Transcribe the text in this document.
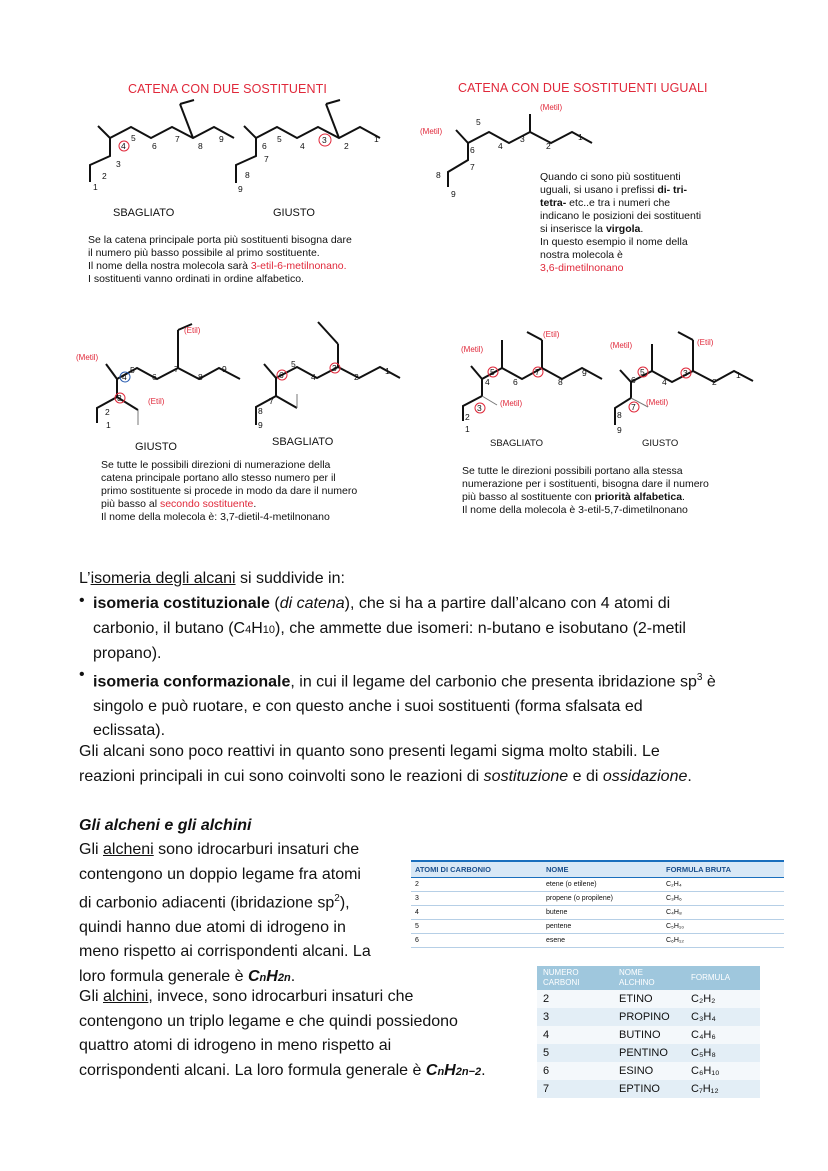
4
5
6
7
8
9
2
3
1
6
5
4
3
2
1
7
8
9
6
5
4
3
2
1
7
8
9
(Metil)
(Metil)
5
4	6
7
8
9
3
2
1
(Metil)
(Etil)
(Etil)
6
5
4
3
2
1
7
8
9
5
4	6
7
8
9
3
2
1
(Metil)
(Etil)
(Metil)
6
5
4
3
2
1
7
8
9
(Metil)	(Etil)
(Metil)
CATENA CON DUE SOSTITUENTI
SBAGLIATO	GIUSTO
Se la catena principale porta più sostituenti bisogna dare
il numero più basso possibile al primo sostituente.
Il nome della nostra molecola sarà 3-etil-6-metilnonano.
I sostituenti vanno ordinati in ordine alfabetico.
CATENA CON DUE SOSTITUENTI UGUALI
Quando ci sono più sostituenti
uguali, si usano i prefissi di- tri-
tetra- etc..e tra i numeri che
indicano le posizioni dei sostituenti
si inserisce la virgola.
In questo esempio il nome della
nostra molecola è
3,6-dimetilnonano
GIUSTO	SBAGLIATO
Se tutte le possibili direzioni di numerazione della
catena principale portano allo stesso numero per il
primo sostituente si procede in modo da dare il numero
più basso al secondo sostituente.
Il nome della molecola è: 3,7-dietil-4-metilnonano
SBAGLIATO	GIUSTO
Se tutte le direzioni possibili portano alla stessa
numerazione per i sostituenti, bisogna dare il numero
più basso al sostituente con priorità alfabetica.
Il nome della molecola è 3-etil-5,7-dimetilnonano
L’isomeria degli alcani si suddivide in:
• isomeria costituzionale (di catena), che si ha a partire dall’alcano con 4 atomi di
carbonio, il butano (C4H10), che ammette due isomeri: n-butano e isobutano (2-metil
propano).
• isomeria conformazionale, in cui il legame del carbonio che presenta ibridazione $sp^3$ è
singolo e può ruotare, e con questo anche i suoi sostituenti (forma sfalsata ed
eclissata).
Gli alcani sono poco reattivi in quanto sono presenti legami sigma molto stabili. Le
reazioni principali in cui sono coinvolti sono le reazioni di sostituzione e di ossidazione.
Gli alcheni e gli alchini
Gli alcheni sono idrocarburi insaturi che
contengono un doppio legame fra atomi
di carbonio adiacenti (ibridazione $sp^2$),
quindi hanno due atomi di idrogeno in
meno rispetto ai corrispondenti alcani. La
loro formula generale è CnH2n.
Gli alchini, invece, sono idrocarburi insaturi che
contengono un triplo legame e che quindi possiedono
quattro atomi di idrogeno in meno rispetto ai
corrispondenti alcani. La loro formula generale è CnH2n−2.
ATOMI DI CARBONIO	NOME	FORMULA BRUTA
2	etene (o etilene)	C₂H₄
3	propene (o propilene)	C₃H₆
4	butene	C₄H₈
5	pentene	C₅H₁₀
6	esene	C₆H₁₂
NUMERO CARBONI	NOME ALCHINO	FORMULA
2	ETINO	C₂H₂
3	PROPINO	C₃H₄
4	BUTINO	C₄H₆
5	PENTINO	C₅H₈
6	ESINO	C₆H₁₀
7	EPTINO	C₇H₁₂
